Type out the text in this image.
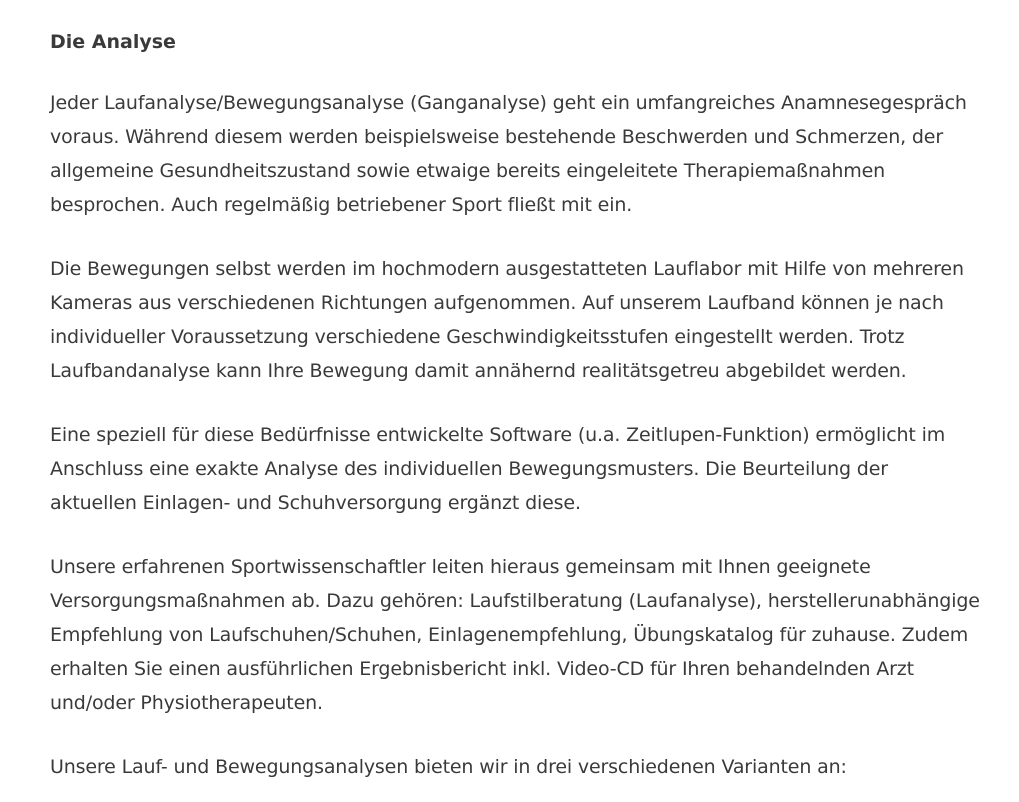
Die Analyse

Jeder Laufanalyse/Bewegungsanalyse (Ganganalyse) geht ein umfangreiches Anamnesegespräch voraus. Während diesem werden beispielsweise bestehende Beschwerden und Schmerzen, der allgemeine Gesundheitszustand sowie etwaige bereits eingeleitete Therapiemaßnahmen besprochen. Auch regelmäßig betriebener Sport fließt mit ein.

Die Bewegungen selbst werden im hochmodern ausgestatteten Lauflabor mit Hilfe von mehreren Kameras aus verschiedenen Richtungen aufgenommen. Auf unserem Laufband können je nach individueller Voraussetzung verschiedene Geschwindigkeitsstufen eingestellt werden. Trotz Laufbandanalyse kann Ihre Bewegung damit annähernd realitätsgetreu abgebildet werden.

Eine speziell für diese Bedürfnisse entwickelte Software (u.a. Zeitlupen-Funktion) ermöglicht im Anschluss eine exakte Analyse des individuellen Bewegungsmusters. Die Beurteilung der aktuellen Einlagen- und Schuhversorgung ergänzt diese.

Unsere erfahrenen Sportwissenschaftler leiten hieraus gemeinsam mit Ihnen geeignete Versorgungsmaßnahmen ab. Dazu gehören: Laufstilberatung (Laufanalyse), herstellerunabhängige Empfehlung von Laufschuhen/Schuhen, Einlagenempfehlung, Übungskatalog für zuhause. Zudem erhalten Sie einen ausführlichen Ergebnisbericht inkl. Video-CD für Ihren behandelnden Arzt und/oder Physiotherapeuten.

Unsere Lauf- und Bewegungsanalysen bieten wir in drei verschiedenen Varianten an:
